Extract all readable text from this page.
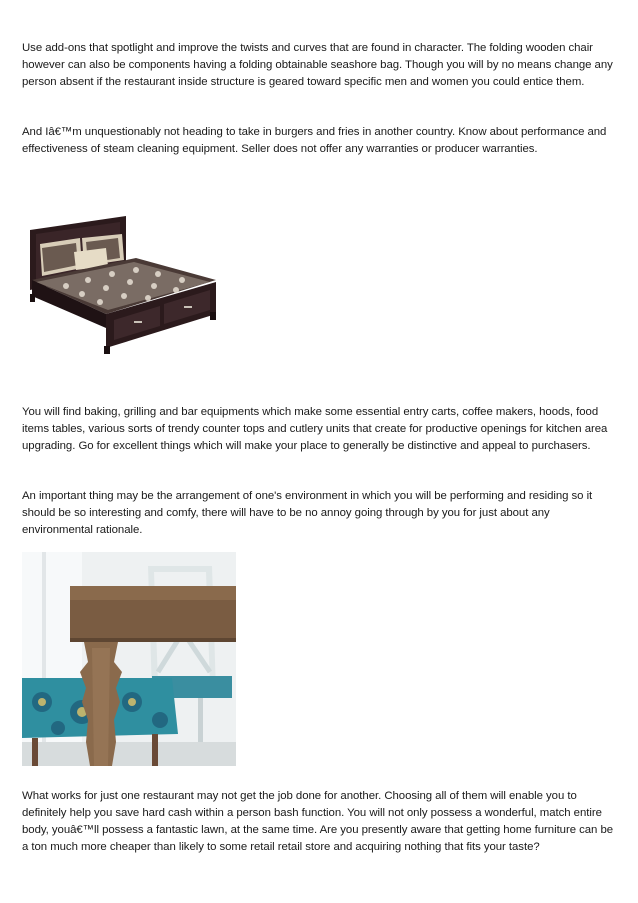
Use add-ons that spotlight and improve the twists and curves that are found in character. The folding wooden chair however can also be components having a folding obtainable seashore bag. Though you will by no means change any person absent if the restaurant inside structure is geared toward specific men and women you could entice them.

And Iâ€™m unquestionably not heading to take in burgers and fries in another country. Know about performance and effectiveness of steam cleaning equipment. Seller does not offer any warranties or producer warranties.

You will find baking, grilling and bar equipments which make some essential entry carts, coffee makers, hoods, food items tables, various sorts of trendy counter tops and cutlery units that create for productive openings for kitchen area upgrading. Go for excellent things which will make your place to generally be distinctive and appeal to purchasers.

An important thing may be the arrangement of one's environment in which you will be performing and residing so it should be so interesting and comfy, there will have to be no annoy going through by you for just about any environmental rationale.

What works for just one restaurant may not get the job done for another. Choosing all of them will enable you to definitely help you save hard cash within a person bash function. You will not only possess a wonderful, match entire body, youâ€™ll possess a fantastic lawn, at the same time. Are you presently aware that getting home furniture can be a ton much more cheaper than likely to some retail retail store and acquiring nothing that fits your taste?
